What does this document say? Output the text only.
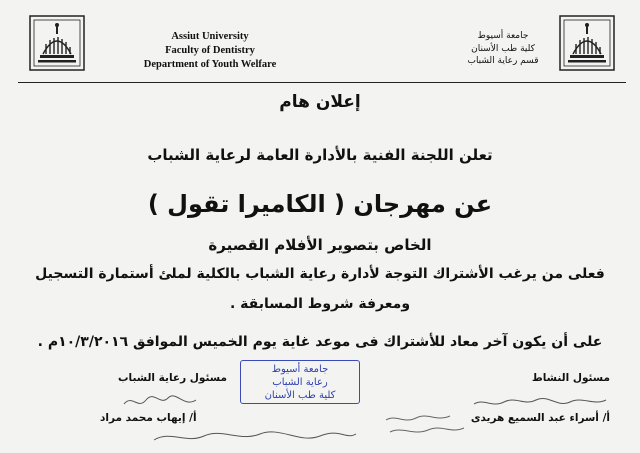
Assiut University
Faculty of Dentistry
Department of Youth Welfare
جامعة أسيوط
كلية طب الأسنان
قسم رعاية الشباب
إعلان هام
تعلن اللجنة الفنية بالأدارة العامة لرعاية الشباب
عن مهرجان ( الكاميرا تقول )
الخاص بتصوير الأفلام القصيرة
فعلى من يرغب الأشتراك التوجة لأدارة رعاية الشباب بالكلية لملئ أستمارة التسجيل
ومعرفة شروط المسابقة .
على أن يكون آخر معاد للأشتراك فى موعد غاية يوم الخميس الموافق ١٠/٣/٢٠١٦م .
مسئول النشاط
مسئول رعاية الشباب
جامعة أسيوط
رعاية الشباب
كلية طب الأسنان
أ/ أسراء عبد السميع هريدى
أ/ إيهاب محمد مراد
